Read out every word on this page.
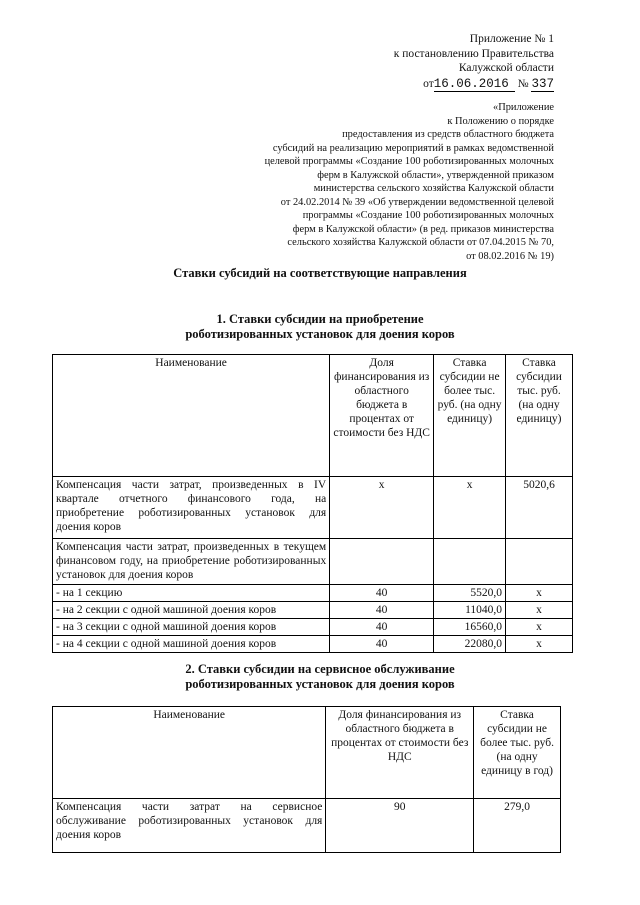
Приложение № 1
к постановлению Правительства
Калужской области
от16.06.2016 № 337
«Приложение
к Положению о порядке
предоставления из средств областного бюджета
субсидий на реализацию мероприятий в рамках ведомственной
целевой программы «Создание 100 роботизированных молочных
ферм в Калужской области», утвержденной приказом
министерства сельского хозяйства Калужской области
от 24.02.2014 № 39 «Об утверждении ведомственной целевой
программы «Создание 100 роботизированных молочных
ферм в Калужской области» (в ред. приказов министерства
сельского хозяйства Калужской области от 07.04.2015 № 70,
от 08.02.2016 № 19)
Ставки субсидий на соответствующие направления
1. Ставки субсидии на приобретение
роботизированных установок для доения коров
Наименование	Доля финансирования из областного бюджета в процентах от стоимости без НДС	Ставка субсидии не более тыс. руб. (на одну единицу)	Ставка субсидии тыс. руб. (на одну единицу)
Компенсация части затрат, произведенных в IV квартале отчетного финансового года, на приобретение роботизированных установок для доения коров	x	x	5020,6
Компенсация части затрат, произведенных в текущем финансовом году, на приобретение роботизированных установок для доения коров			
- на 1 секцию	40	5520,0	x
- на 2 секции с одной машиной доения коров	40	11040,0	x
- на 3 секции с одной машиной доения коров	40	16560,0	x
- на 4 секции с одной машиной доения коров	40	22080,0	x
2. Ставки субсидии на сервисное обслуживание
роботизированных установок для доения коров
Наименование	Доля финансирования из областного бюджета в процентах от стоимости без НДС	Ставка субсидии не более тыс. руб. (на одну единицу в год)
Компенсация части затрат на сервисное обслуживание роботизированных установок для доения коров	90	279,0
